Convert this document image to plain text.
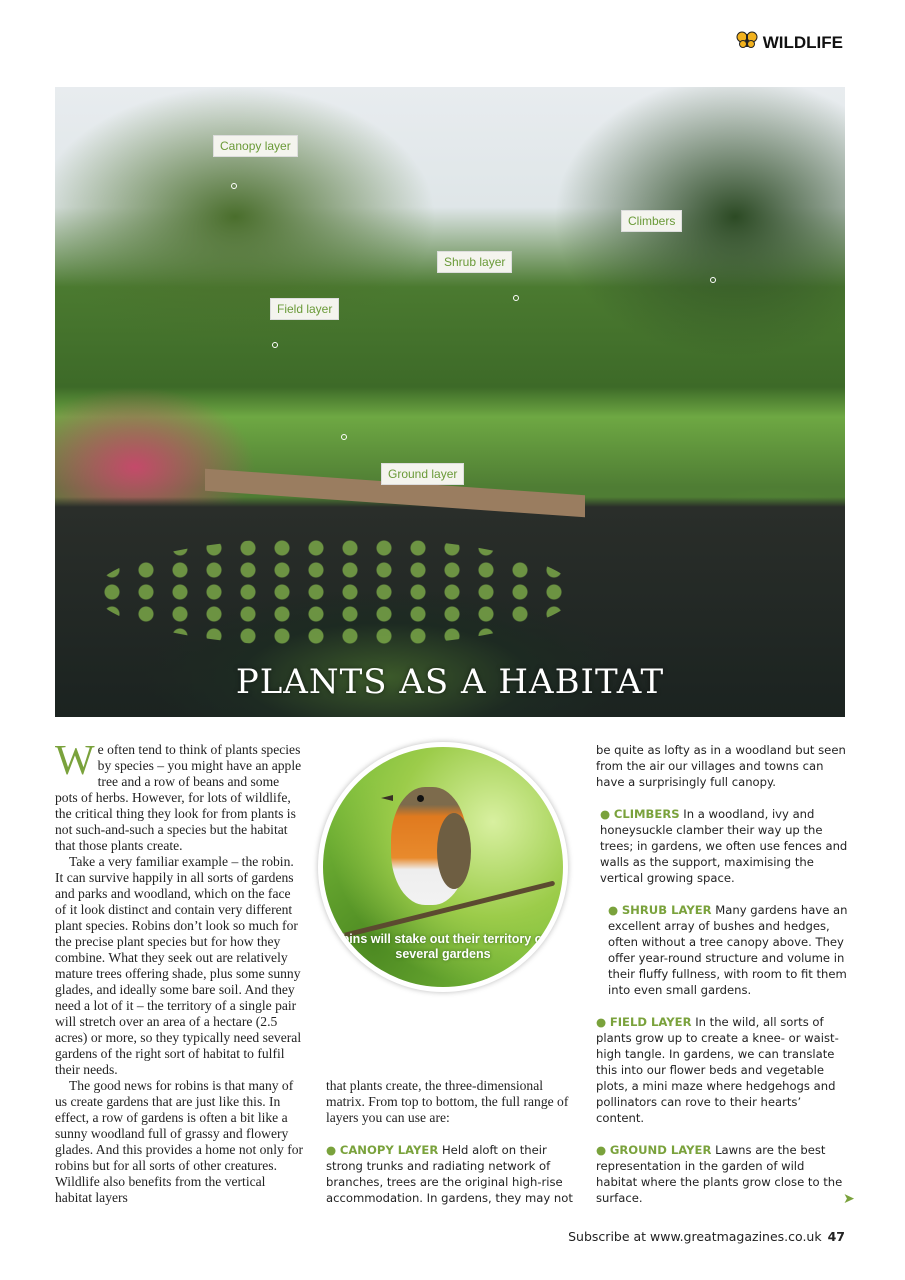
WILDLIFE
Canopy layer
Climbers
Shrub layer
Field layer
Ground layer
PLANTS AS A HABITAT

We often tend to think of plants species by species – you might have an apple tree and a row of beans and some pots of herbs. However, for lots of wildlife, the critical thing they look for from plants is not such-and-such a species but the habitat that those plants create.

Take a very familiar example – the robin. It can survive happily in all sorts of gardens and parks and woodland, which on the face of it look distinct and contain very different plant species. Robins don’t look so much for the precise plant species but for how they combine. What they seek out are relatively mature trees offering shade, plus some sunny glades, and ideally some bare soil. And they need a lot of it – the territory of a single pair will stretch over an area of a hectare (2.5 acres) or more, so they typically need several gardens of the right sort of habitat to fulfil their needs.

The good news for robins is that many of us create gardens that are just like this. In effect, a row of gardens is often a bit like a sunny woodland full of grassy and flowery glades. And this provides a home not only for robins but for all sorts of other creatures. Wildlife also benefits from the vertical habitat layers

Robins will stake out their territory over several gardens

that plants create, the three-dimensional matrix. From top to bottom, the full range of layers you can use are:

● CANOPY LAYER Held aloft on their strong trunks and radiating network of branches, trees are the original high-rise accommodation. In gardens, they may not

be quite as lofty as in a woodland but seen from the air our villages and towns can have a surprisingly full canopy.

● CLIMBERS In a woodland, ivy and honeysuckle clamber their way up the trees; in gardens, we often use fences and walls as the support, maximising the vertical growing space.

● SHRUB LAYER Many gardens have an excellent array of bushes and hedges, often without a tree canopy above. They offer year-round structure and volume in their fluffy fullness, with room to fit them into even small gardens.

● FIELD LAYER In the wild, all sorts of plants grow up to create a knee- or waist-high tangle. In gardens, we can translate this into our flower beds and vegetable plots, a mini maze where hedgehogs and pollinators can rove to their hearts’ content.

● GROUND LAYER Lawns are the best representation in the garden of wild habitat where the plants grow close to the surface.	➤
Subscribe at www.greatmagazines.co.uk 47
